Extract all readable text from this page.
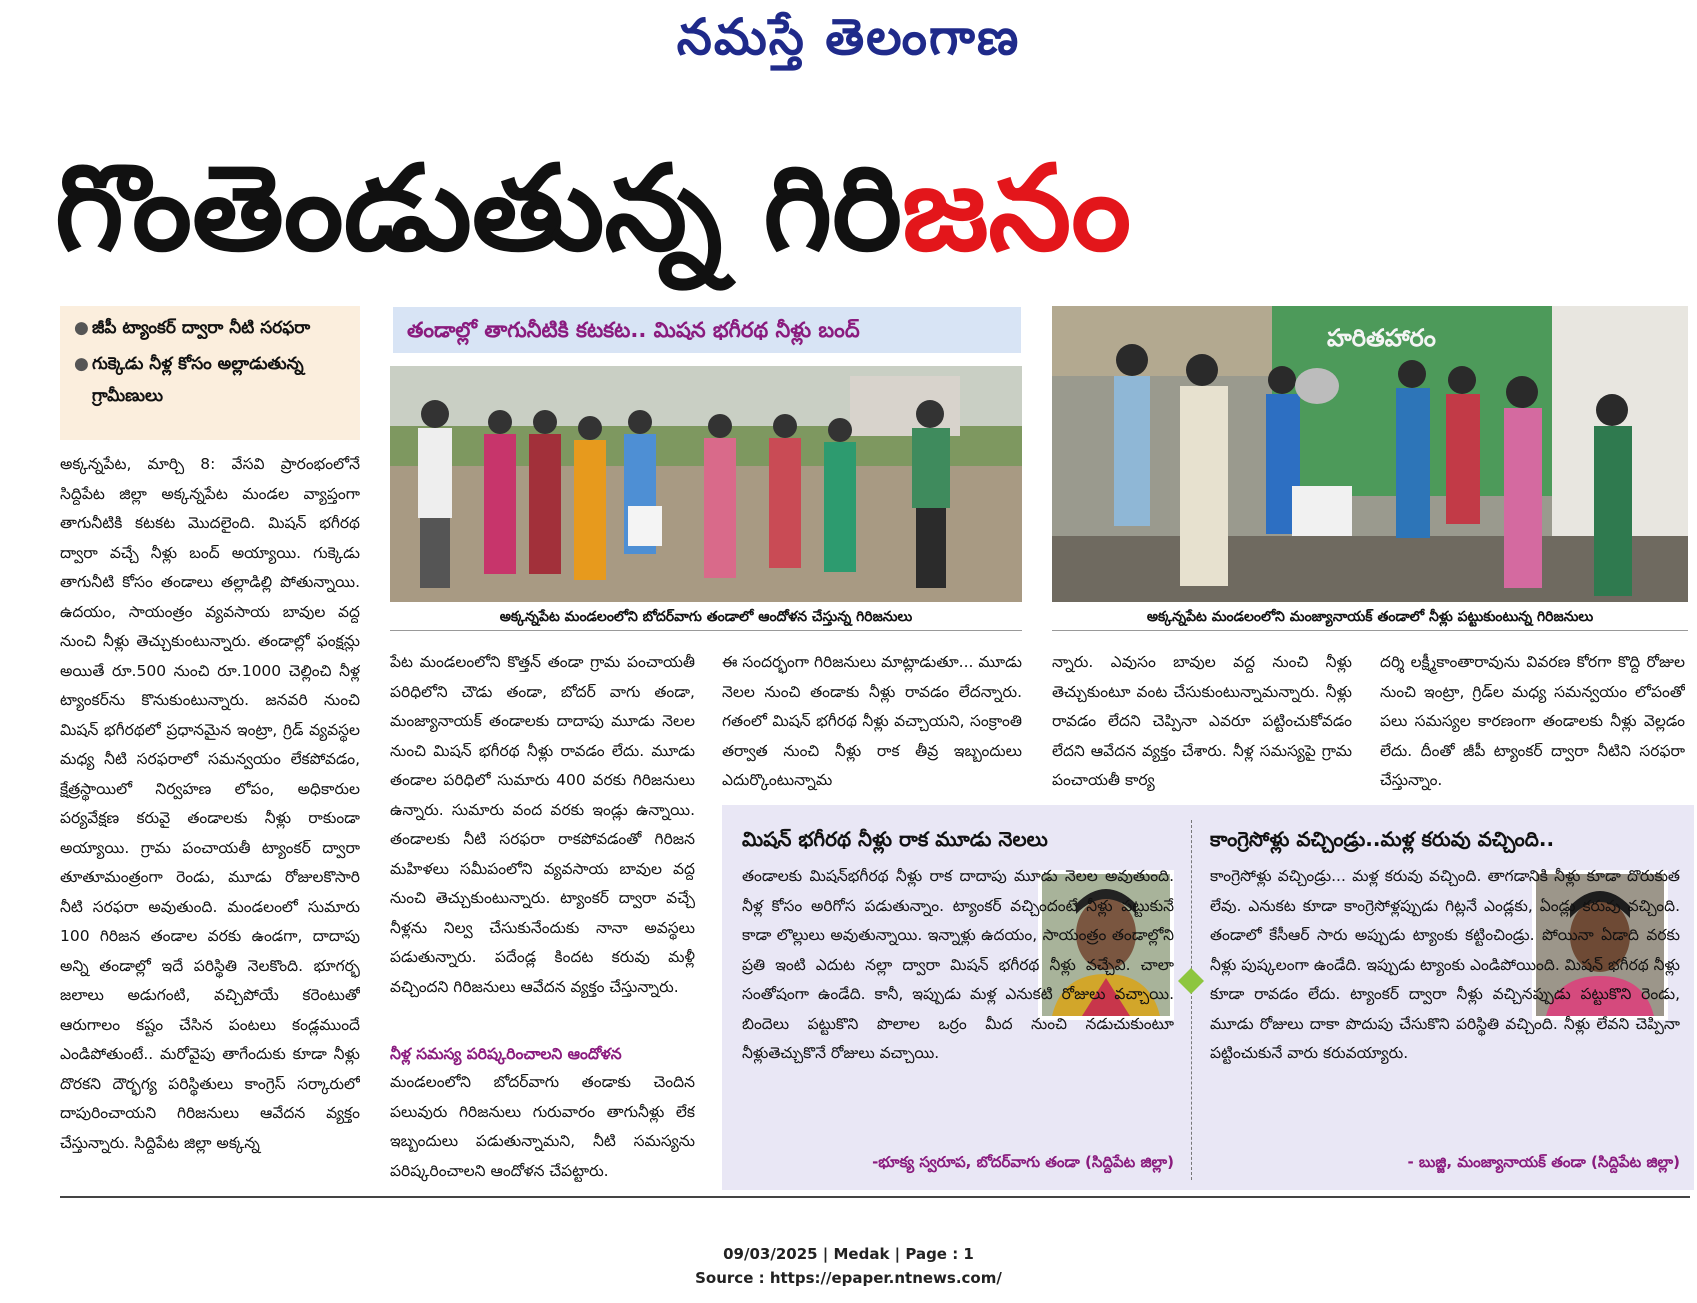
నమస్తే తెలంగాణ
గొంతెండుతున్న గిరిజనం
● జీపీ ట్యాంకర్ ద్వారా నీటి సరఫరా
● గుక్కెడు నీళ్ల కోసం అల్లాడుతున్న గ్రామీణులు
అక్కన్నపేట, మార్చి 8: వేసవి ప్రారంభంలోనే సిద్దిపేట జిల్లా అక్కన్నపేట మండల వ్యాప్తంగా తాగునీటికి కటకట మొదలైంది. మిషన్ భగీరథ ద్వారా వచ్చే నీళ్లు బంద్ అయ్యాయి. గుక్కెడు తాగునీటి కోసం తండాలు తల్లాడిల్లి పోతున్నాయి. ఉదయం, సాయంత్రం వ్యవసాయ బావుల వద్ద నుంచి నీళ్లు తెచ్చుకుంటున్నారు. తండాల్లో ఫంక్షన్లు అయితే రూ.500 నుంచి రూ.1000 చెల్లించి నీళ్ల ట్యాంకర్‌ను కొనుకుంటున్నారు. జనవరి నుంచి మిషన్ భగీరథలో ప్రధానమైన ఇంట్రా, గ్రిడ్ వ్యవస్థల మధ్య నీటి సరఫరాలో సమన్వయం లేకపోవడం, క్షేత్రస్థాయిలో నిర్వహణ లోపం, అధికారుల పర్యవేక్షణ కరువై తండాలకు నీళ్లు రాకుండా అయ్యాయి. గ్రామ పంచాయతీ ట్యాంకర్ ద్వారా తూతూమంత్రంగా రెండు, మూడు రోజులకొసారి నీటి సరఫరా అవుతుంది. మండలంలో సుమారు 100 గిరిజన తండాల వరకు ఉండగా, దాదాపు అన్ని తండాల్లో ఇదే పరిస్థితి నెలకొంది. భూగర్భ జలాలు అడుగంటి, వచ్చిపోయే కరెంటుతో ఆరుగాలం కష్టం చేసిన పంటలు కండ్లముందే ఎండిపోతుంటే.. మరోవైపు తాగేందుకు కూడా నీళ్లు దొరకని దౌర్భగ్య పరిస్థితులు కాంగ్రెస్ సర్కారులో దాపురించాయని గిరిజనులు ఆవేదన వ్యక్తం చేస్తున్నారు. సిద్దిపేట జిల్లా అక్కన్న
తండాల్లో తాగునీటికి కటకట.. మిషన భగీరథ నీళ్లు బంద్
అక్కన్నపేట మండలంలోని బోదర్‌వాగు తండాలో ఆందోళన చేస్తున్న గిరిజనులు
హరితహారం
అక్కన్నపేట మండలంలోని మంజ్యానాయక్ తండాలో నీళ్లు పట్టుకుంటున్న గిరిజనులు
పేట మండలంలోని కొత్తన్ తండా గ్రామ పంచాయతీ పరిధిలోని చౌడు తండా, బోదర్ వాగు తండా, మంజ్యానాయక్ తండాలకు దాదాపు మూడు నెలల నుంచి మిషన్ భగీరథ నీళ్లు రావడం లేదు. మూడు తండాల పరిధిలో సుమారు 400 వరకు గిరిజనులు ఉన్నారు. సుమారు వంద వరకు ఇండ్లు ఉన్నాయి. తండాలకు నీటి సరఫరా రాకపోవడంతో గిరిజన మహిళలు సమీపంలోని వ్యవసాయ బావుల వద్ద నుంచి తెచ్చుకుంటున్నారు. ట్యాంకర్ ద్వారా వచ్చే నీళ్లను నిల్వ చేసుకునేందుకు నానా అవస్థలు పడుతున్నారు. పదేండ్ల కిందట కరువు మళ్లీ వచ్చిందని గిరిజనులు ఆవేదన వ్యక్తం చేస్తున్నారు.
నీళ్ల సమస్య పరిష్కరించాలని ఆందోళన
మండలంలోని బోదర్‌వాగు తండాకు చెందిన పలువురు గిరిజనులు గురువారం తాగునీళ్లు లేక ఇబ్బందులు పడుతున్నామని, నీటి సమస్యను పరిష్కరించాలని ఆందోళన చేపట్టారు.
ఈ సందర్భంగా గిరిజనులు మాట్లాడుతూ... మూడు నెలల నుంచి తండాకు నీళ్లు రావడం లేదన్నారు. గతంలో మిషన్ భగీరథ నీళ్లు వచ్చాయని, సంక్రాంతి తర్వాత నుంచి నీళ్లు రాక తీవ్ర ఇబ్బందులు ఎదుర్కొంటున్నామ
న్నారు. ఎవుసం బావుల వద్ద నుంచి నీళ్లు తెచ్చుకుంటూ వంట చేసుకుంటున్నామన్నారు. నీళ్లు రావడం లేదని చెప్పినా ఎవరూ పట్టించుకోవడం లేదని ఆవేదన వ్యక్తం చేశారు. నీళ్ల సమస్యపై గ్రామ పంచాయతీ కార్య
దర్శి లక్ష్మీకాంతారావును వివరణ కోరగా కొద్ది రోజుల నుంచి ఇంట్రా, గ్రిడ్‌ల మధ్య సమన్వయం లోపంతో పలు సమస్యల కారణంగా తండాలకు నీళ్లు వెల్లడం లేదు. దీంతో జీపీ ట్యాంకర్ ద్వారా నీటిని సరఫరా చేస్తున్నాం.
మిషన్ భగీరథ నీళ్లు రాక మూడు నెలలు
తండాలకు మిషన్‌భగీరథ నీళ్లు రాక దాదాపు మూడు నెలల అవుతుంది. నీళ్ల కోసం అరిగోస పడుతున్నాం. ట్యాంకర్ వచ్చిందంటే నీళ్లు పట్టుకునే కాడా లొల్లులు అవుతున్నాయి. ఇన్నాళ్లు ఉదయం, సాయంత్రం తండాల్లోని ప్రతి ఇంటి ఎదుట నల్లా ద్వారా మిషన్ భగీరథ నీళ్లు వచ్చేవి. చాలా సంతోషంగా ఉండేది. కానీ, ఇప్పుడు మళ్ల ఎనుకటి రోజులు వచ్చాయి. బిందెలు పట్టుకొని పొలాల ఒర్రం మీద నుంచి నడుచుకుంటూ నీళ్లుతెచ్చుకొనే రోజులు వచ్చాయి.
-భూక్య స్వరూప, బోదర్‌వాగు తండా (సిద్దిపేట జిల్లా)
కాంగ్రెసోళ్లు వచ్చిండ్రు..మళ్ల కరువు వచ్చింది..
కాంగ్రెసోళ్లు వచ్చిండ్రు... మళ్ల కరువు వచ్చింది. తాగడానికి నీళ్లు కూడా దొరుకుత లేవు. ఎనుకట కూడా కాంగ్రెసోళ్లప్పుడు గిట్లనే ఎండ్లకు, ఏండ్లు కరువు వచ్చింది. తండాలో కేసీఆర్ సారు అప్పుడు ట్యాంకు కట్టించిండ్రు. పోయినా ఏడాది వరకు నీళ్లు పుష్కలంగా ఉండేది. ఇప్పుడు ట్యాంకు ఎండిపోయింది. మిషన్ భగీరథ నీళ్లు కూడా రావడం లేదు. ట్యాంకర్ ద్వారా నీళ్లు వచ్చినప్పుడు పట్టుకొని రెండు, మూడు రోజులు దాకా పొదుపు చేసుకొని పరిస్థితి వచ్చింది. నీళ్లు లేవని చెప్పినా పట్టించుకునే వారు కరువయ్యారు.
- బుజ్జి, మంజ్యానాయక్ తండా (సిద్దిపేట జిల్లా)
09/03/2025 | Medak | Page : 1
Source : https://epaper.ntnews.com/
